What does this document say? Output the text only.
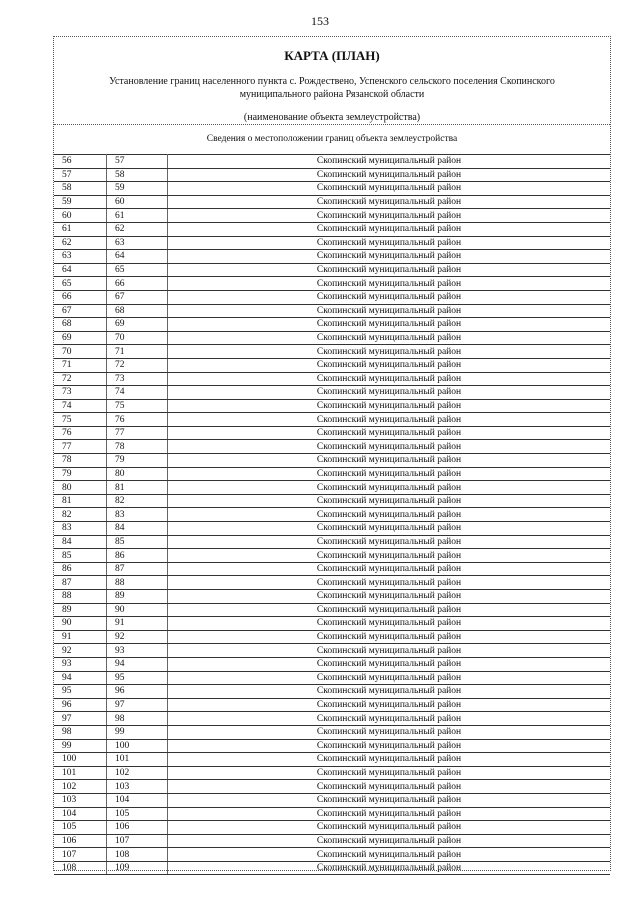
153
КАРТА (ПЛАН)
Установление границ населенного пункта с. Рождествено, Успенского сельского поселения Скопинского муниципального района Рязанской области
(наименование объекта землеустройства)
Сведения о местоположении границ объекта землеустройства
56	57	Скопинский муниципальный район
57	58	Скопинский муниципальный район
58	59	Скопинский муниципальный район
59	60	Скопинский муниципальный район
60	61	Скопинский муниципальный район
61	62	Скопинский муниципальный район
62	63	Скопинский муниципальный район
63	64	Скопинский муниципальный район
64	65	Скопинский муниципальный район
65	66	Скопинский муниципальный район
66	67	Скопинский муниципальный район
67	68	Скопинский муниципальный район
68	69	Скопинский муниципальный район
69	70	Скопинский муниципальный район
70	71	Скопинский муниципальный район
71	72	Скопинский муниципальный район
72	73	Скопинский муниципальный район
73	74	Скопинский муниципальный район
74	75	Скопинский муниципальный район
75	76	Скопинский муниципальный район
76	77	Скопинский муниципальный район
77	78	Скопинский муниципальный район
78	79	Скопинский муниципальный район
79	80	Скопинский муниципальный район
80	81	Скопинский муниципальный район
81	82	Скопинский муниципальный район
82	83	Скопинский муниципальный район
83	84	Скопинский муниципальный район
84	85	Скопинский муниципальный район
85	86	Скопинский муниципальный район
86	87	Скопинский муниципальный район
87	88	Скопинский муниципальный район
88	89	Скопинский муниципальный район
89	90	Скопинский муниципальный район
90	91	Скопинский муниципальный район
91	92	Скопинский муниципальный район
92	93	Скопинский муниципальный район
93	94	Скопинский муниципальный район
94	95	Скопинский муниципальный район
95	96	Скопинский муниципальный район
96	97	Скопинский муниципальный район
97	98	Скопинский муниципальный район
98	99	Скопинский муниципальный район
99	100	Скопинский муниципальный район
100	101	Скопинский муниципальный район
101	102	Скопинский муниципальный район
102	103	Скопинский муниципальный район
103	104	Скопинский муниципальный район
104	105	Скопинский муниципальный район
105	106	Скопинский муниципальный район
106	107	Скопинский муниципальный район
107	108	Скопинский муниципальный район
108	109	Скопинский муниципальный район
